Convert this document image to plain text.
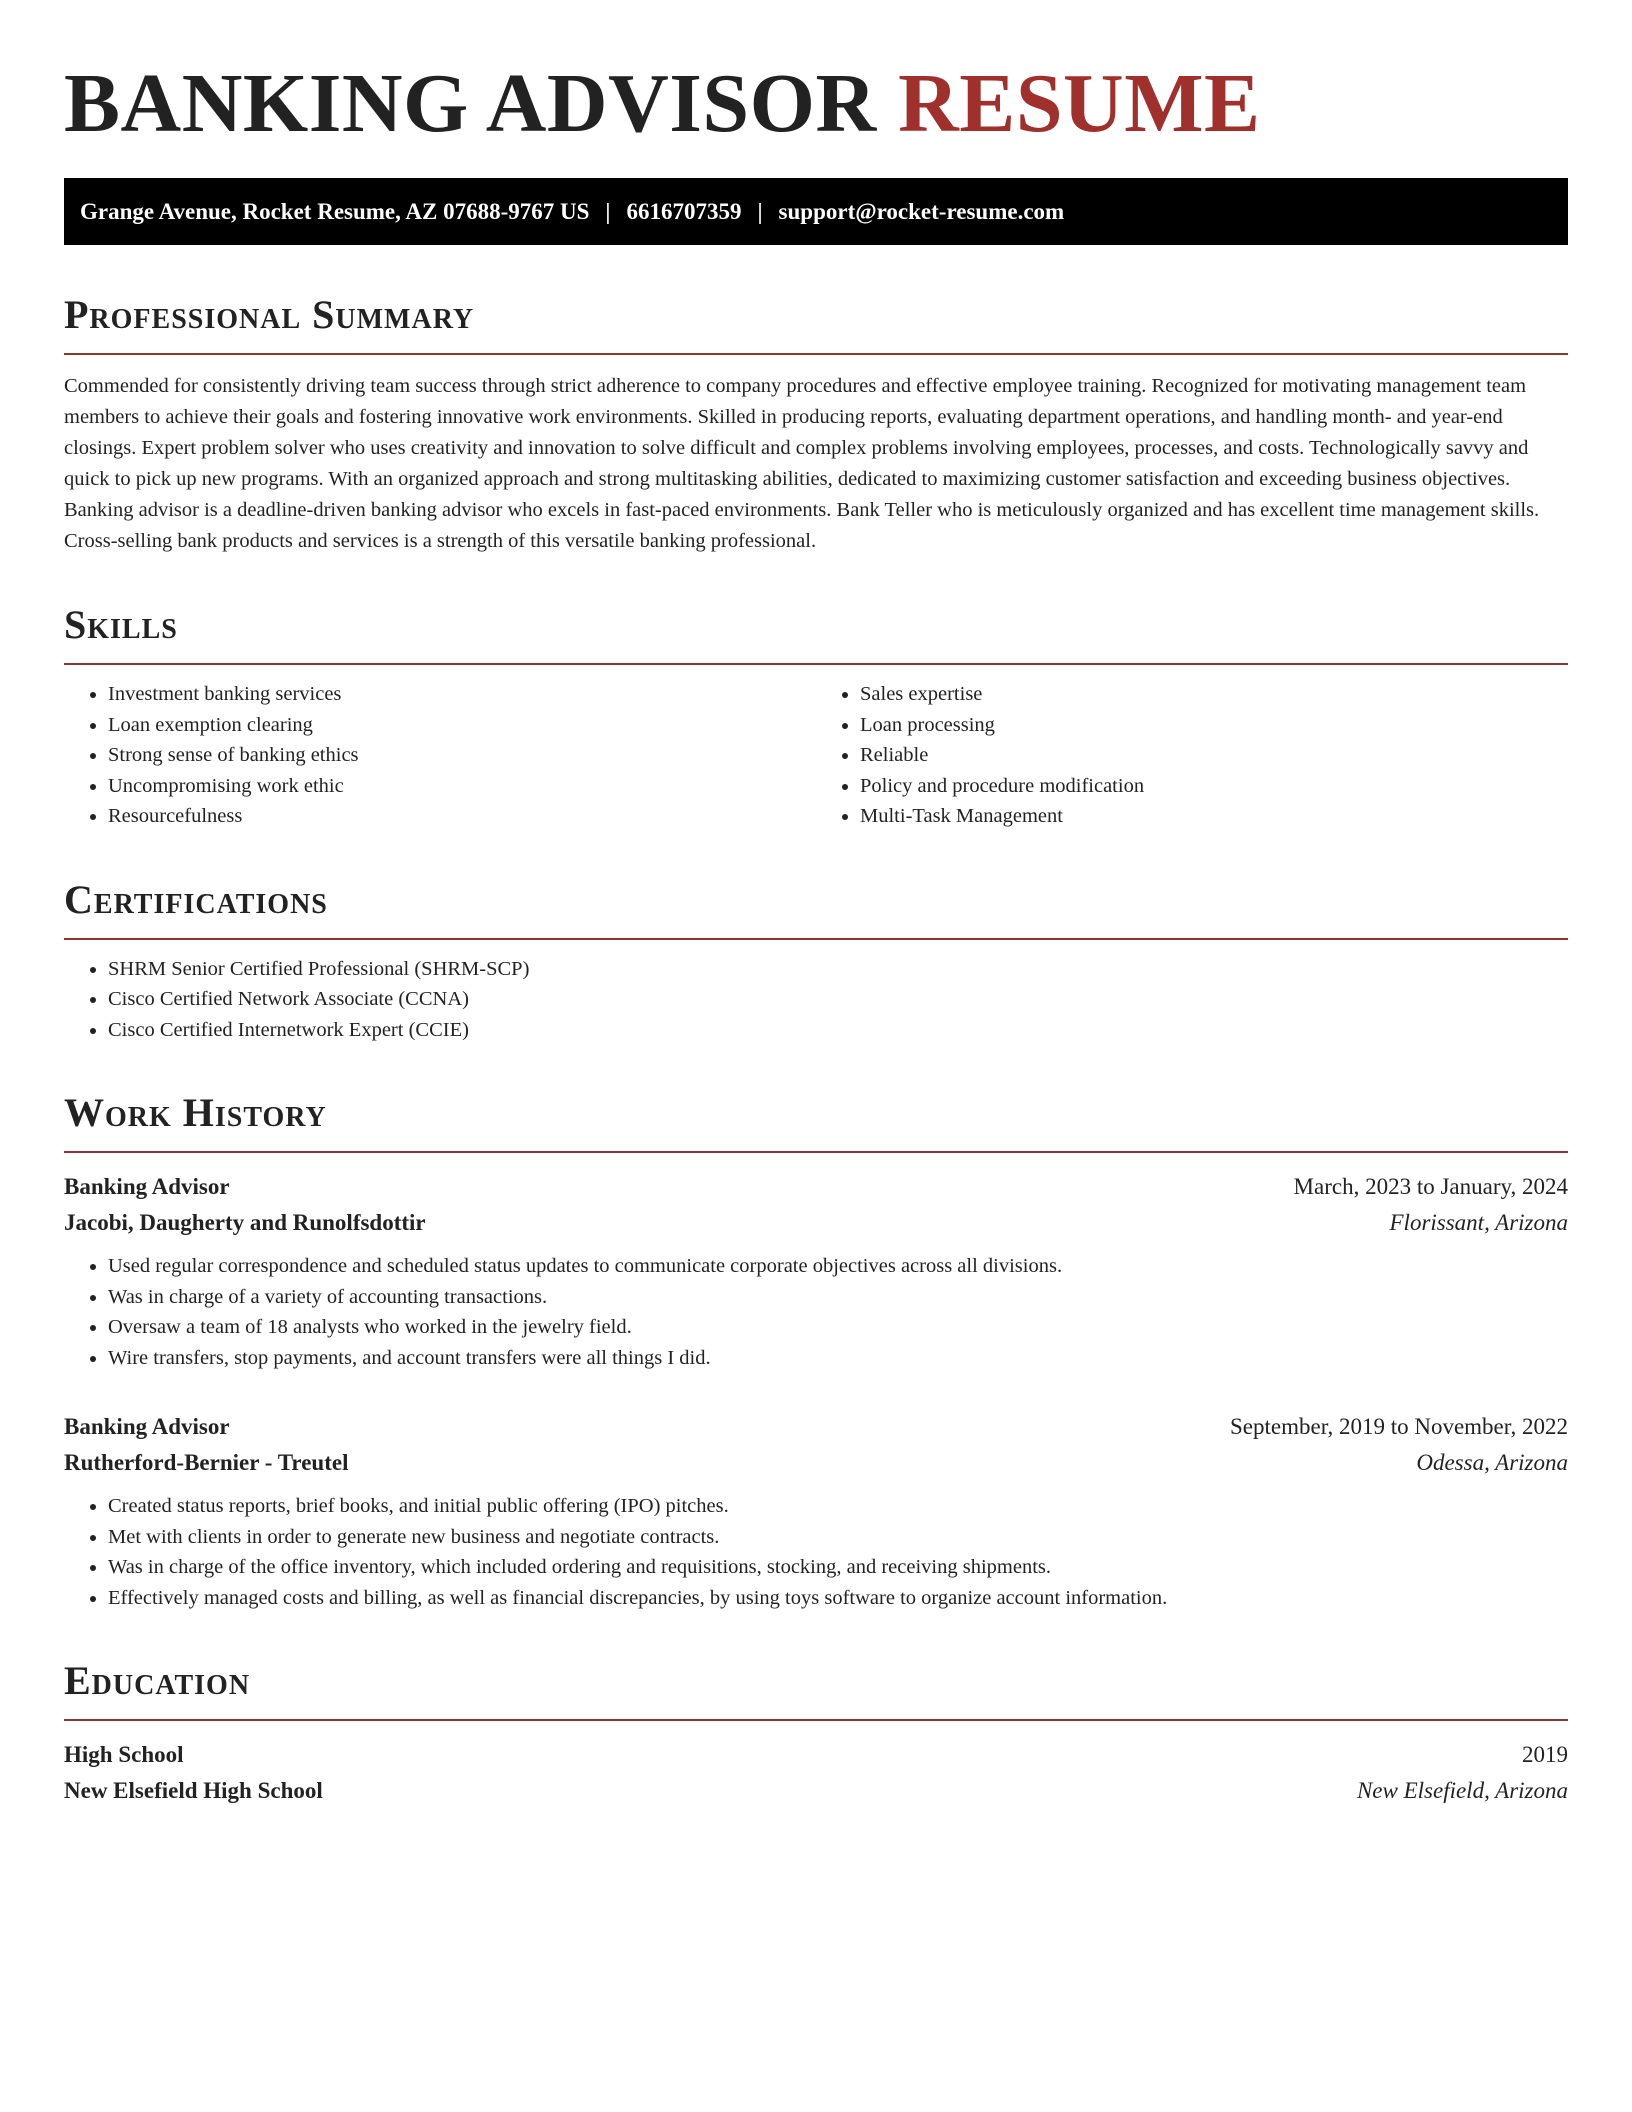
BANKING ADVISOR RESUME
Grange Avenue, Rocket Resume, AZ 07688-9767 US | 6616707359 | support@rocket-resume.com
Professional Summary

Commended for consistently driving team success through strict adherence to company procedures and effective employee training. Recognized for motivating management team members to achieve their goals and fostering innovative work environments. Skilled in producing reports, evaluating department operations, and handling month- and year-end closings. Expert problem solver who uses creativity and innovation to solve difficult and complex problems involving employees, processes, and costs. Technologically savvy and quick to pick up new programs. With an organized approach and strong multitasking abilities, dedicated to maximizing customer satisfaction and exceeding business objectives. Banking advisor is a deadline-driven banking advisor who excels in fast-paced environments. Bank Teller who is meticulously organized and has excellent time management skills. Cross-selling bank products and services is a strength of this versatile banking professional.

Skills
• Investment banking services
• Loan exemption clearing
• Strong sense of banking ethics
• Uncompromising work ethic
• Resourcefulness
• Sales expertise
• Loan processing
• Reliable
• Policy and procedure modification
• Multi-Task Management
Certifications
• SHRM Senior Certified Professional (SHRM-SCP)
• Cisco Certified Network Associate (CCNA)
• Cisco Certified Internetwork Expert (CCIE)
Work History
Banking Advisor	March, 2023 to January, 2024
Jacobi, Daugherty and Runolfsdottir	Florissant, Arizona
• Used regular correspondence and scheduled status updates to communicate corporate objectives across all divisions.
• Was in charge of a variety of accounting transactions.
• Oversaw a team of 18 analysts who worked in the jewelry field.
• Wire transfers, stop payments, and account transfers were all things I did.
Banking Advisor	September, 2019 to November, 2022
Rutherford-Bernier - Treutel	Odessa, Arizona
• Created status reports, brief books, and initial public offering (IPO) pitches.
• Met with clients in order to generate new business and negotiate contracts.
• Was in charge of the office inventory, which included ordering and requisitions, stocking, and receiving shipments.
• Effectively managed costs and billing, as well as financial discrepancies, by using toys software to organize account information.
Education
High School	2019
New Elsefield High School	New Elsefield, Arizona
